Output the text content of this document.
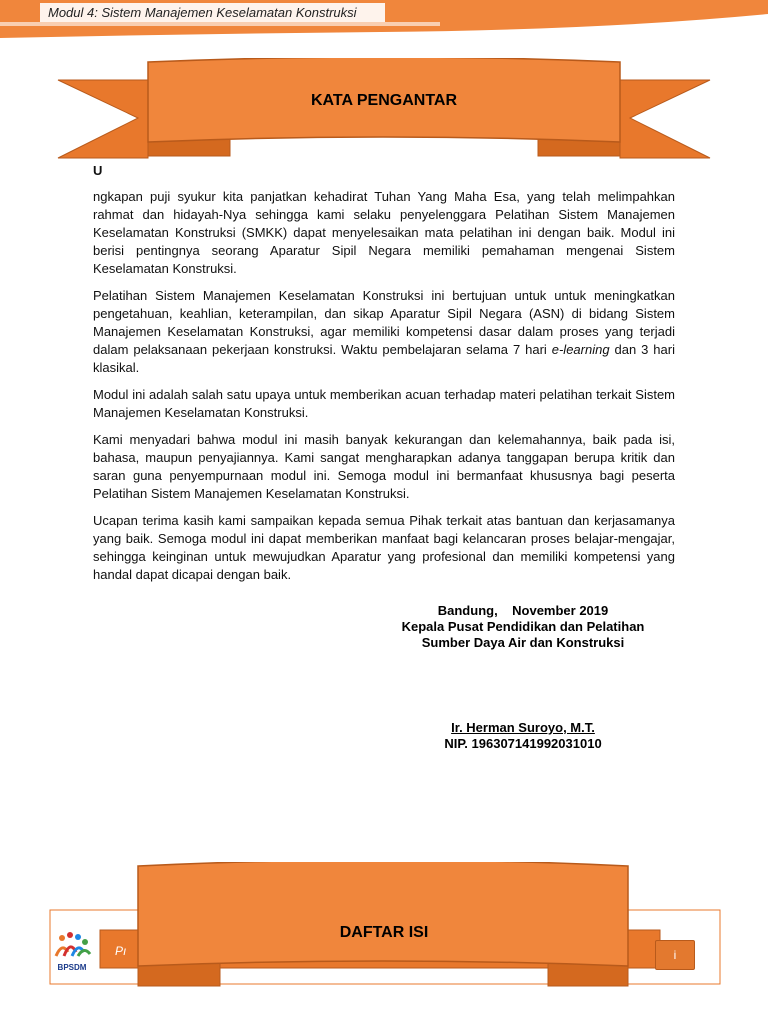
Modul 4: Sistem Manajemen Keselamatan Konstruksi
KATA PENGANTAR
U

ngkapan puji syukur kita panjatkan kehadirat Tuhan Yang Maha Esa, yang telah melimpahkan rahmat dan hidayah-Nya sehingga kami selaku penyelenggara Pelatihan Sistem Manajemen Keselamatan Konstruksi (SMKK) dapat menyelesaikan mata pelatihan ini dengan baik. Modul ini berisi pentingnya seorang Aparatur Sipil Negara memiliki pemahaman mengenai Sistem Keselamatan Konstruksi.

Pelatihan Sistem Manajemen Keselamatan Konstruksi ini bertujuan untuk untuk meningkatkan pengetahuan, keahlian, keterampilan, dan sikap Aparatur Sipil Negara (ASN) di bidang Sistem Manajemen Keselamatan Konstruksi, agar memiliki kompetensi dasar dalam proses yang terjadi dalam pelaksanaan pekerjaan konstruksi. Waktu pembelajaran selama 7 hari e-learning dan 3 hari klasikal.

Modul ini adalah salah satu upaya untuk memberikan acuan terhadap materi pelatihan terkait Sistem Manajemen Keselamatan Konstruksi.

Kami menyadari bahwa modul ini masih banyak kekurangan dan kelemahannya, baik pada isi, bahasa, maupun penyajiannya. Kami sangat mengharapkan adanya tanggapan berupa kritik dan saran guna penyempurnaan modul ini. Semoga modul ini bermanfaat khususnya bagi peserta Pelatihan Sistem Manajemen Keselamatan Konstruksi.

Ucapan terima kasih kami sampaikan kepada semua Pihak terkait atas bantuan dan kerjasamanya yang baik. Semoga modul ini dapat memberikan manfaat bagi kelancaran proses belajar-mengajar, sehingga keinginan untuk mewujudkan Aparatur yang profesional dan memiliki kompetensi yang handal dapat dicapai dengan baik.

Bandung,    November 2019
Kepala Pusat Pendidikan dan Pelatihan
Sumber Daya Air dan Konstruksi
Ir. Herman Suroyo, M.T.
NIP. 196307141992031010
DAFTAR ISI
Pı
BPSDM
i
